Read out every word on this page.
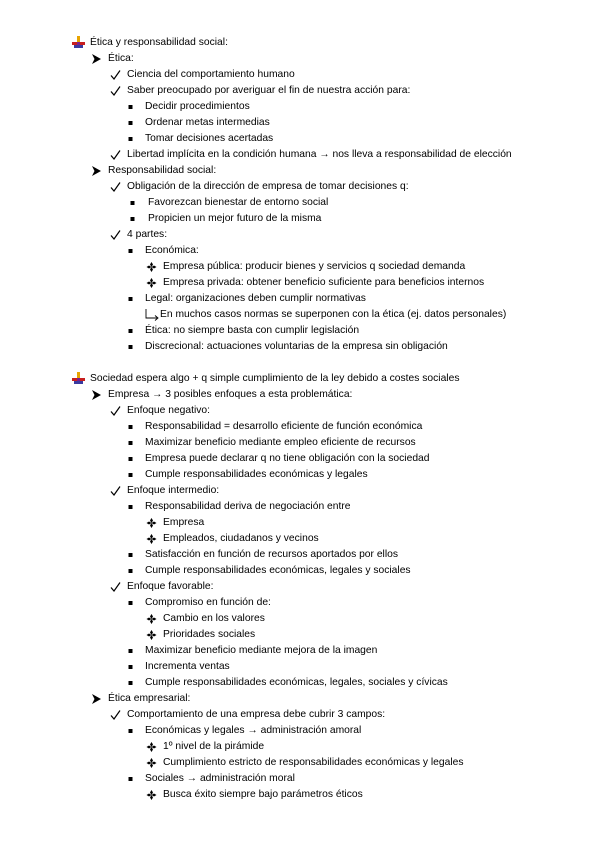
Ética y responsabilidad social:
Ética:
Ciencia del comportamiento humano
Saber preocupado por averiguar el fin de nuestra acción para:
Decidir procedimientos
Ordenar metas intermedias
Tomar decisiones acertadas
Libertad implícita en la condición humana → nos lleva a responsabilidad de elección
Responsabilidad social:
Obligación de la dirección de empresa de tomar decisiones q:
Favorezcan bienestar de entorno social
Propicien un mejor futuro de la misma
4 partes:
Económica:
Empresa pública: producir bienes y servicios q sociedad demanda
Empresa privada: obtener beneficio suficiente para beneficios internos
Legal: organizaciones deben cumplir normativas
En muchos casos normas se superponen con la ética (ej. datos personales)
Ética: no siempre basta con cumplir legislación
Discrecional: actuaciones voluntarias de la empresa sin obligación
Sociedad espera algo + q simple cumplimiento de la ley debido a costes sociales
Empresa → 3 posibles enfoques a esta problemática:
Enfoque negativo:
Responsabilidad = desarrollo eficiente de función económica
Maximizar beneficio mediante empleo eficiente de recursos
Empresa puede declarar q no tiene obligación con la sociedad
Cumple responsabilidades económicas y legales
Enfoque intermedio:
Responsabilidad deriva de negociación entre
Empresa
Empleados, ciudadanos y vecinos
Satisfacción en función de recursos aportados por ellos
Cumple responsabilidades económicas, legales y sociales
Enfoque favorable:
Compromiso en función de:
Cambio en los valores
Prioridades sociales
Maximizar beneficio mediante mejora de la imagen
Incrementa ventas
Cumple responsabilidades económicas, legales, sociales y cívicas
Ética empresarial:
Comportamiento de una empresa debe cubrir 3 campos:
Económicas y legales → administración amoral
1º nivel de la pirámide
Cumplimiento estricto de responsabilidades económicas y legales
Sociales → administración moral
Busca éxito siempre bajo parámetros éticos
